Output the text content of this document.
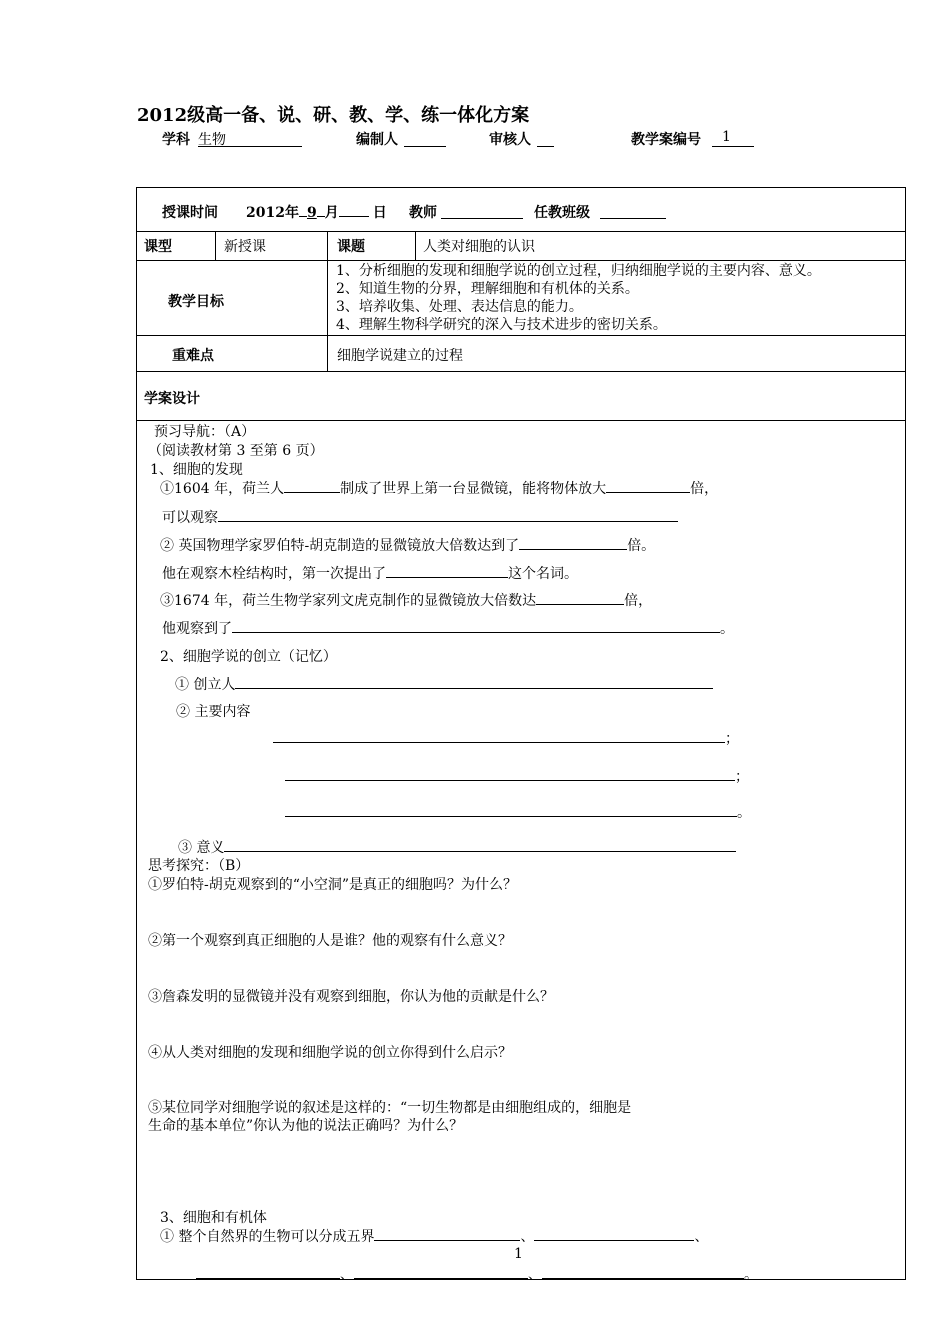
2012级高一备、说、研、教、学、练一体化方案
学科 生物	编制人	审核人	教学案编号	1
授课时间 2012年 9 月 日 教师	任教班级
课型	新授课	课题	人类对细胞的认识
教学目标
1、分析细胞的发现和细胞学说的创立过程，归纳细胞学说的主要内容、意义。
2、知道生物的分界，理解细胞和有机体的关系。
3、培养收集、处理、表达信息的能力。
4、理解生物科学研究的深入与技术进步的密切关系。
重难点	细胞学说建立的过程
学案设计
预习导航：（A）
（阅读教材第 3 至第 6 页）
1、细胞的发现
①1604 年，荷兰人	制成了世界上第一台显微镜，能将物体放大	倍，
可以观察
② 英国物理学家罗伯特-胡克制造的显微镜放大倍数达到了	倍。
他在观察木栓结构时，第一次提出了	这个名词。
③1674 年，荷兰生物学家列文虎克制作的显微镜放大倍数达	倍，
他观察到了	。
2、细胞学说的创立（记忆）
① 创立人
② 主要内容
；
；
。
③ 意义
思考探究：（B）
①罗伯特-胡克观察到的“小空洞”是真正的细胞吗？为什么？
②第一个观察到真正细胞的人是谁？他的观察有什么意义？
③詹森发明的显微镜并没有观察到细胞，你认为他的贡献是什么？
④从人类对细胞的发现和细胞学说的创立你得到什么启示？
⑤某位同学对细胞学说的叙述是这样的：“一切生物都是由细胞组成的，细胞是
生命的基本单位”你认为他的说法正确吗？为什么？
3、细胞和有机体
① 整个自然界的生物可以分成五界	、	、
、	、	。
1
